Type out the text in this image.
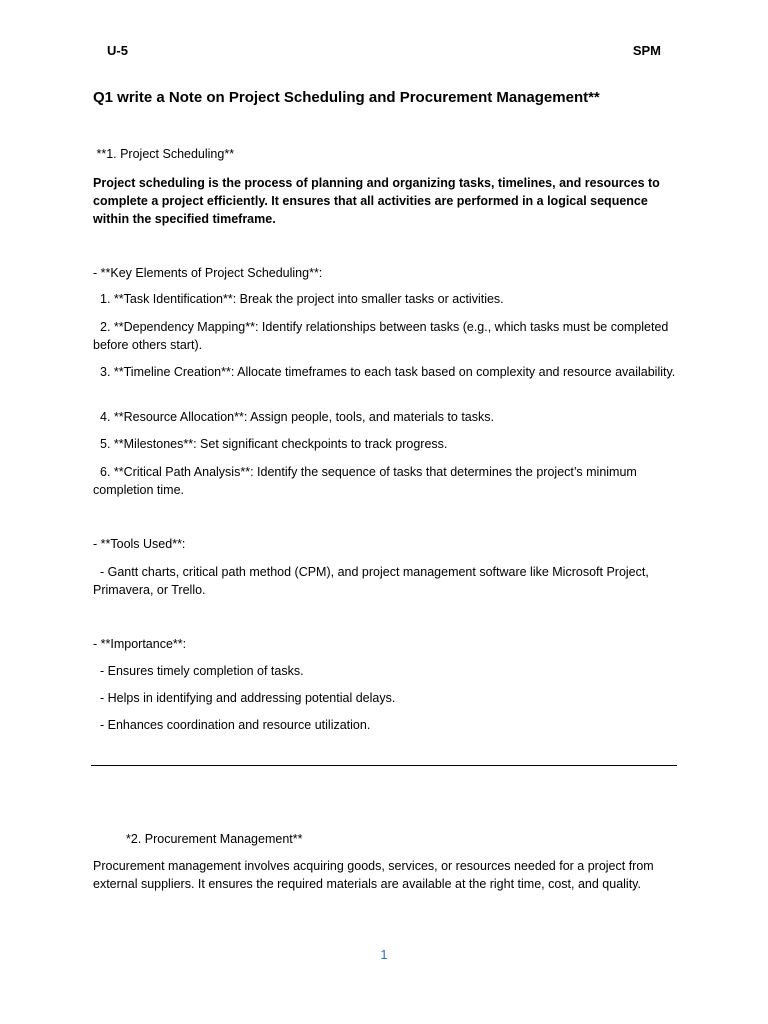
U-5	SPM
Q1 write a Note on Project Scheduling and Procurement Management**
**1. Project Scheduling**
Project scheduling is the process of planning and organizing tasks, timelines, and resources to complete a project efficiently. It ensures that all activities are performed in a logical sequence within the specified timeframe.
- **Key Elements of Project Scheduling**:
1. **Task Identification**: Break the project into smaller tasks or activities.
2. **Dependency Mapping**: Identify relationships between tasks (e.g., which tasks must be completed before others start).
3. **Timeline Creation**: Allocate timeframes to each task based on complexity and resource availability.
4. **Resource Allocation**: Assign people, tools, and materials to tasks.
5. **Milestones**: Set significant checkpoints to track progress.
6. **Critical Path Analysis**: Identify the sequence of tasks that determines the project’s minimum completion time.
- **Tools Used**:
- Gantt charts, critical path method (CPM), and project management software like Microsoft Project, Primavera, or Trello.
- **Importance**:
- Ensures timely completion of tasks.
- Helps in identifying and addressing potential delays.
- Enhances coordination and resource utilization.
*2. Procurement Management**
Procurement management involves acquiring goods, services, or resources needed for a project from external suppliers. It ensures the required materials are available at the right time, cost, and quality.
1
